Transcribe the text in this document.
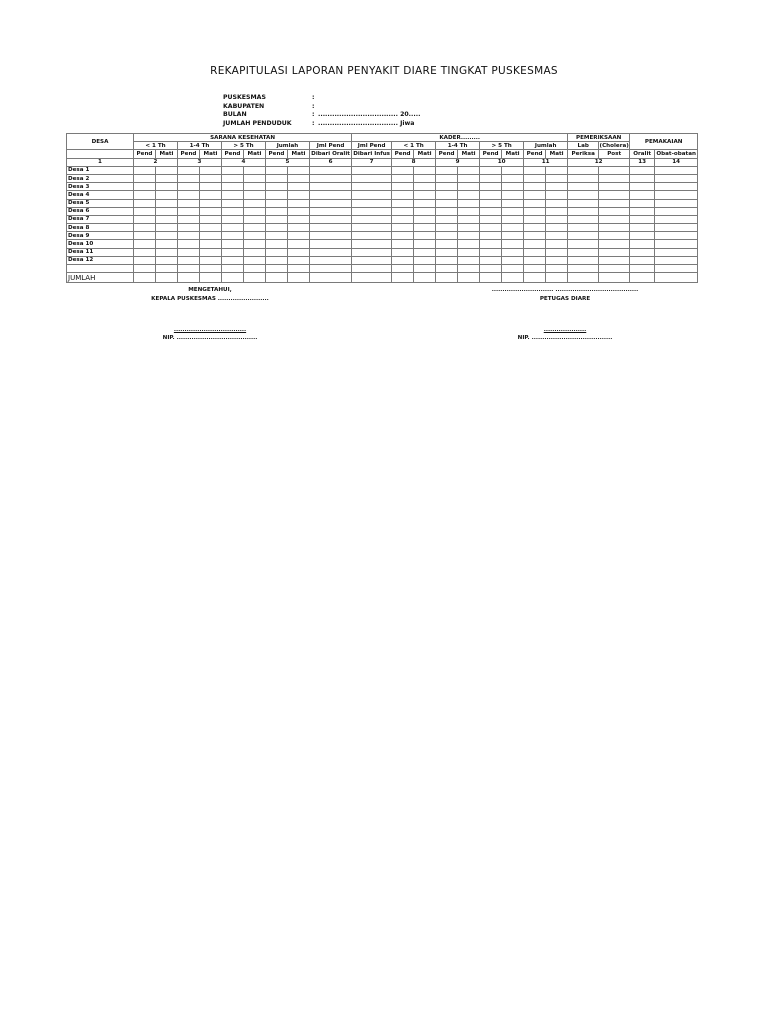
REKAPITULASI LAPORAN PENYAKIT DIARE TINGKAT PUSKESMAS
PUSKESMAS	:
KABUPATEN	:
BULAN	: .................................. 20.....
JUMLAH PENDUDUK	: .................................. Jiwa
DESA	SARANA KESEHATAN									KADER.........									PEMERIKSAAN		PEMAKAIAN	
	< 1 Th		1-4 Th		> 5 Th		Jumlah		Jml Pend	Jml Pend	< 1 Th		1-4 Th		> 5 Th		Jumlah		Lab	(Cholera)		
	Pend	Mati	Pend	Mati	Pend	Mati	Pend	Mati	Dibari Oralit	Dibari Infus	Pend	Mati	Pend	Mati	Pend	Mati	Pend	Mati	Periksa	Post	Oralit	Obat-obatan
1	2		3		4		5		6	7	8		9		10		11		12		13	14
Desa 1																						
Desa 2																						
Desa 3																						
Desa 4																						
Desa 5																						
Desa 6																						
Desa 7																						
Desa 8																						
Desa 9																						
Desa 10																						
Desa 11																						
Desa 12																						

JUMLAH																						
MENGETAHUI,
KEPALA PUSKESMAS ........................
..................................
NIP. ......................................
............................. .......................................
PETUGAS DIARE
....................
NIP. ......................................
